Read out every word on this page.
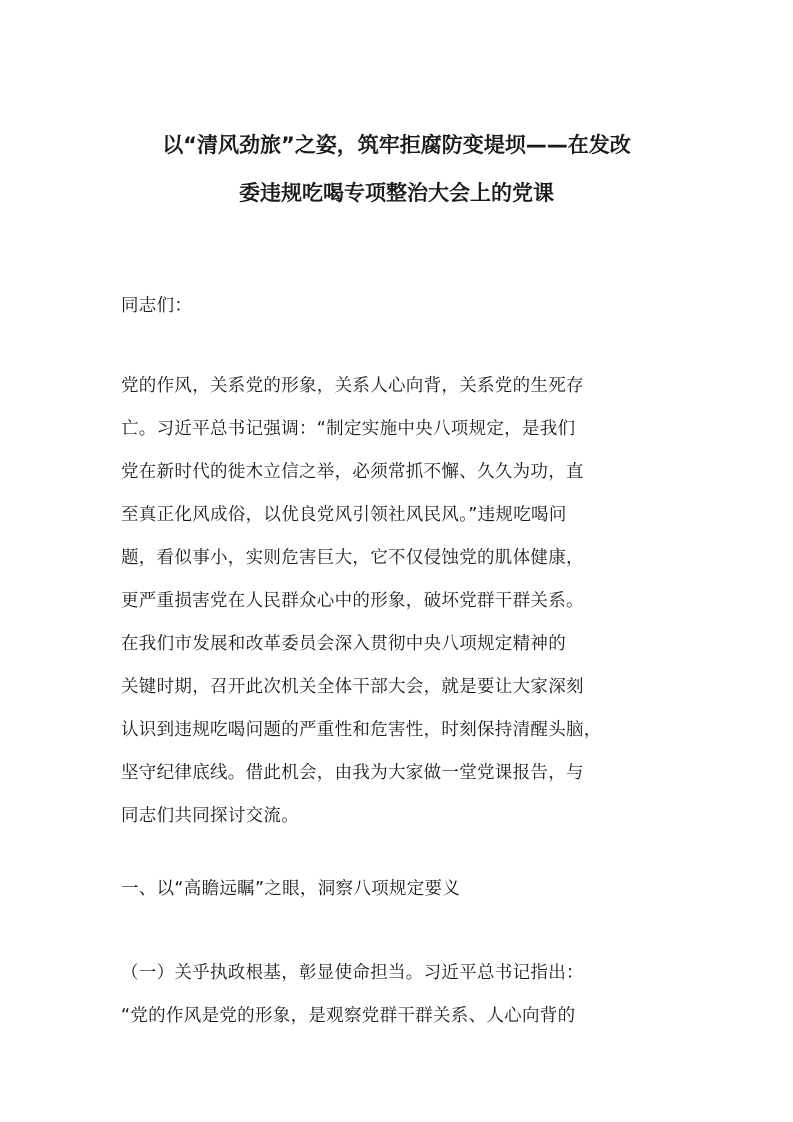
以“清风劲旅”之姿，筑牢拒腐防变堤坝——在发改
委违规吃喝专项整治大会上的党课
同志们：
党的作风，关系党的形象，关系人心向背，关系党的生死存
亡。习近平总书记强调：“制定实施中央八项规定，是我们
党在新时代的徙木立信之举，必须常抓不懈、久久为功，直
至真正化风成俗，以优良党风引领社风民风。”违规吃喝问
题，看似事小，实则危害巨大，它不仅侵蚀党的肌体健康，
更严重损害党在人民群众心中的形象，破坏党群干群关系。
在我们市发展和改革委员会深入贯彻中央八项规定精神的
关键时期，召开此次机关全体干部大会，就是要让大家深刻
认识到违规吃喝问题的严重性和危害性，时刻保持清醒头脑，
坚守纪律底线。借此机会，由我为大家做一堂党课报告，与
同志们共同探讨交流。
一、以“高瞻远瞩”之眼，洞察八项规定要义
（一）关乎执政根基，彰显使命担当。习近平总书记指出：
“党的作风是党的形象，是观察党群干群关系、人心向背的
